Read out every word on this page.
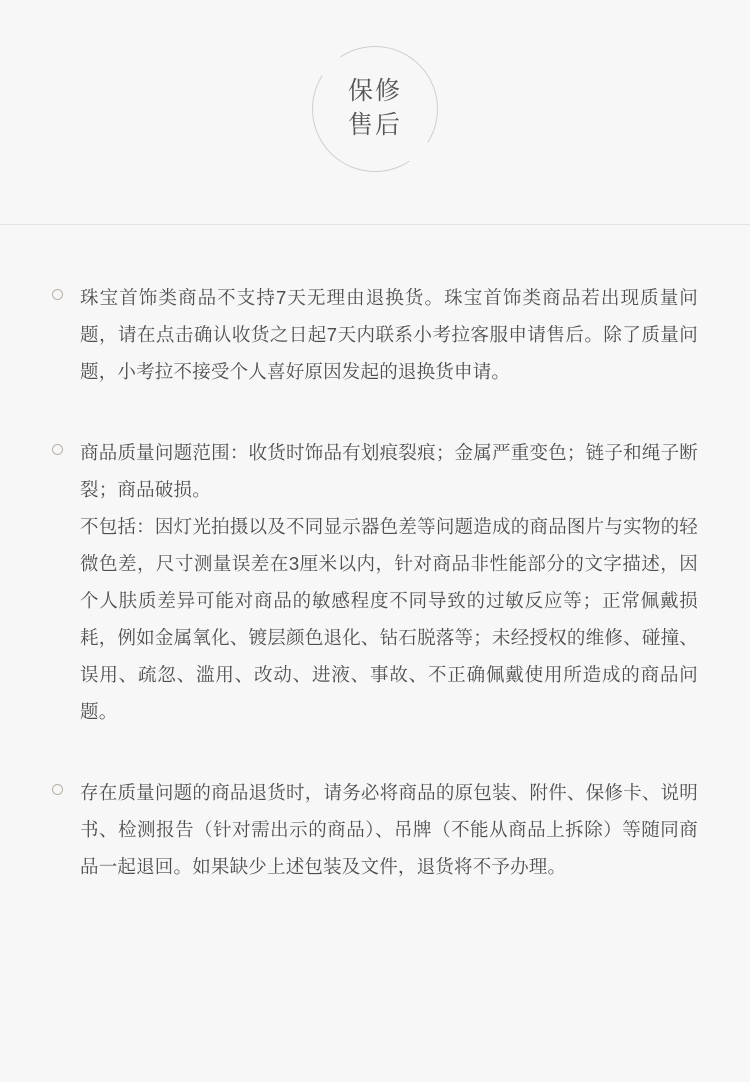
保修
售后

珠宝首饰类商品不支持7天无理由退换货。珠宝首饰类商品若出现质量问题，请在点击确认收货之日起7天内联系小考拉客服申请售后。除了质量问题，小考拉不接受个人喜好原因发起的退换货申请。

商品质量问题范围：收货时饰品有划痕裂痕；金属严重变色；链子和绳子断裂；商品破损。

不包括：因灯光拍摄以及不同显示器色差等问题造成的商品图片与实物的轻微色差，尺寸测量误差在3厘米以内，针对商品非性能部分的文字描述，因个人肤质差异可能对商品的敏感程度不同导致的过敏反应等；正常佩戴损耗，例如金属氧化、镀层颜色退化、钻石脱落等；未经授权的维修、碰撞、误用、疏忽、滥用、改动、进液、事故、不正确佩戴使用所造成的商品问题。

存在质量问题的商品退货时，请务必将商品的原包装、附件、保修卡、说明书、检测报告（针对需出示的商品）、吊牌（不能从商品上拆除）等随同商品一起退回。如果缺少上述包装及文件，退货将不予办理。
